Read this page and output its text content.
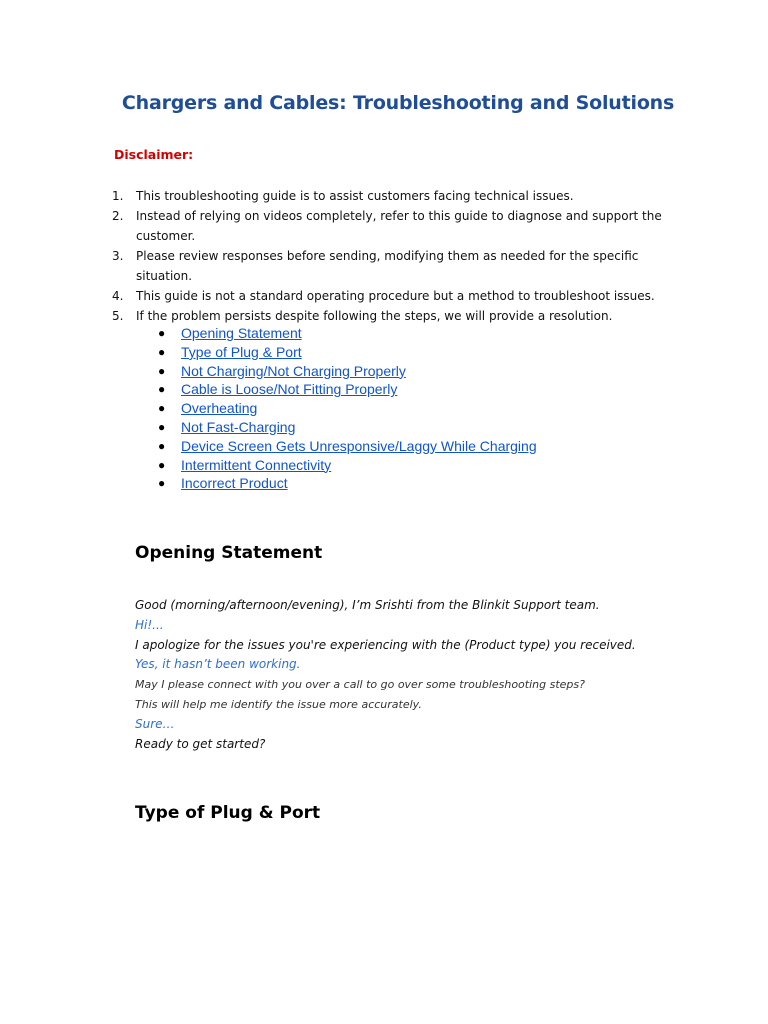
Chargers and Cables: Troubleshooting and Solutions
Disclaimer:
1. This troubleshooting guide is to assist customers facing technical issues.
2. Instead of relying on videos completely, refer to this guide to diagnose and support the customer.
3. Please review responses before sending, modifying them as needed for the specific situation.
4. This guide is not a standard operating procedure but a method to troubleshoot issues.
5. If the problem persists despite following the steps, we will provide a resolution.
● Opening Statement
● Type of Plug & Port
● Not Charging/Not Charging Properly
● Cable is Loose/Not Fitting Properly
● Overheating
● Not Fast-Charging
● Device Screen Gets Unresponsive/Laggy While Charging
● Intermittent Connectivity
● Incorrect Product
Opening Statement

Good (morning/afternoon/evening), I’m Srishti from the Blinkit Support team.

Hi!...

I apologize for the issues you're experiencing with the (Product type) you received.

Yes, it hasn’t been working.

May I please connect with you over a call to go over some troubleshooting steps?

This will help me identify the issue more accurately.

Sure…

Ready to get started?

Type of Plug & Port
